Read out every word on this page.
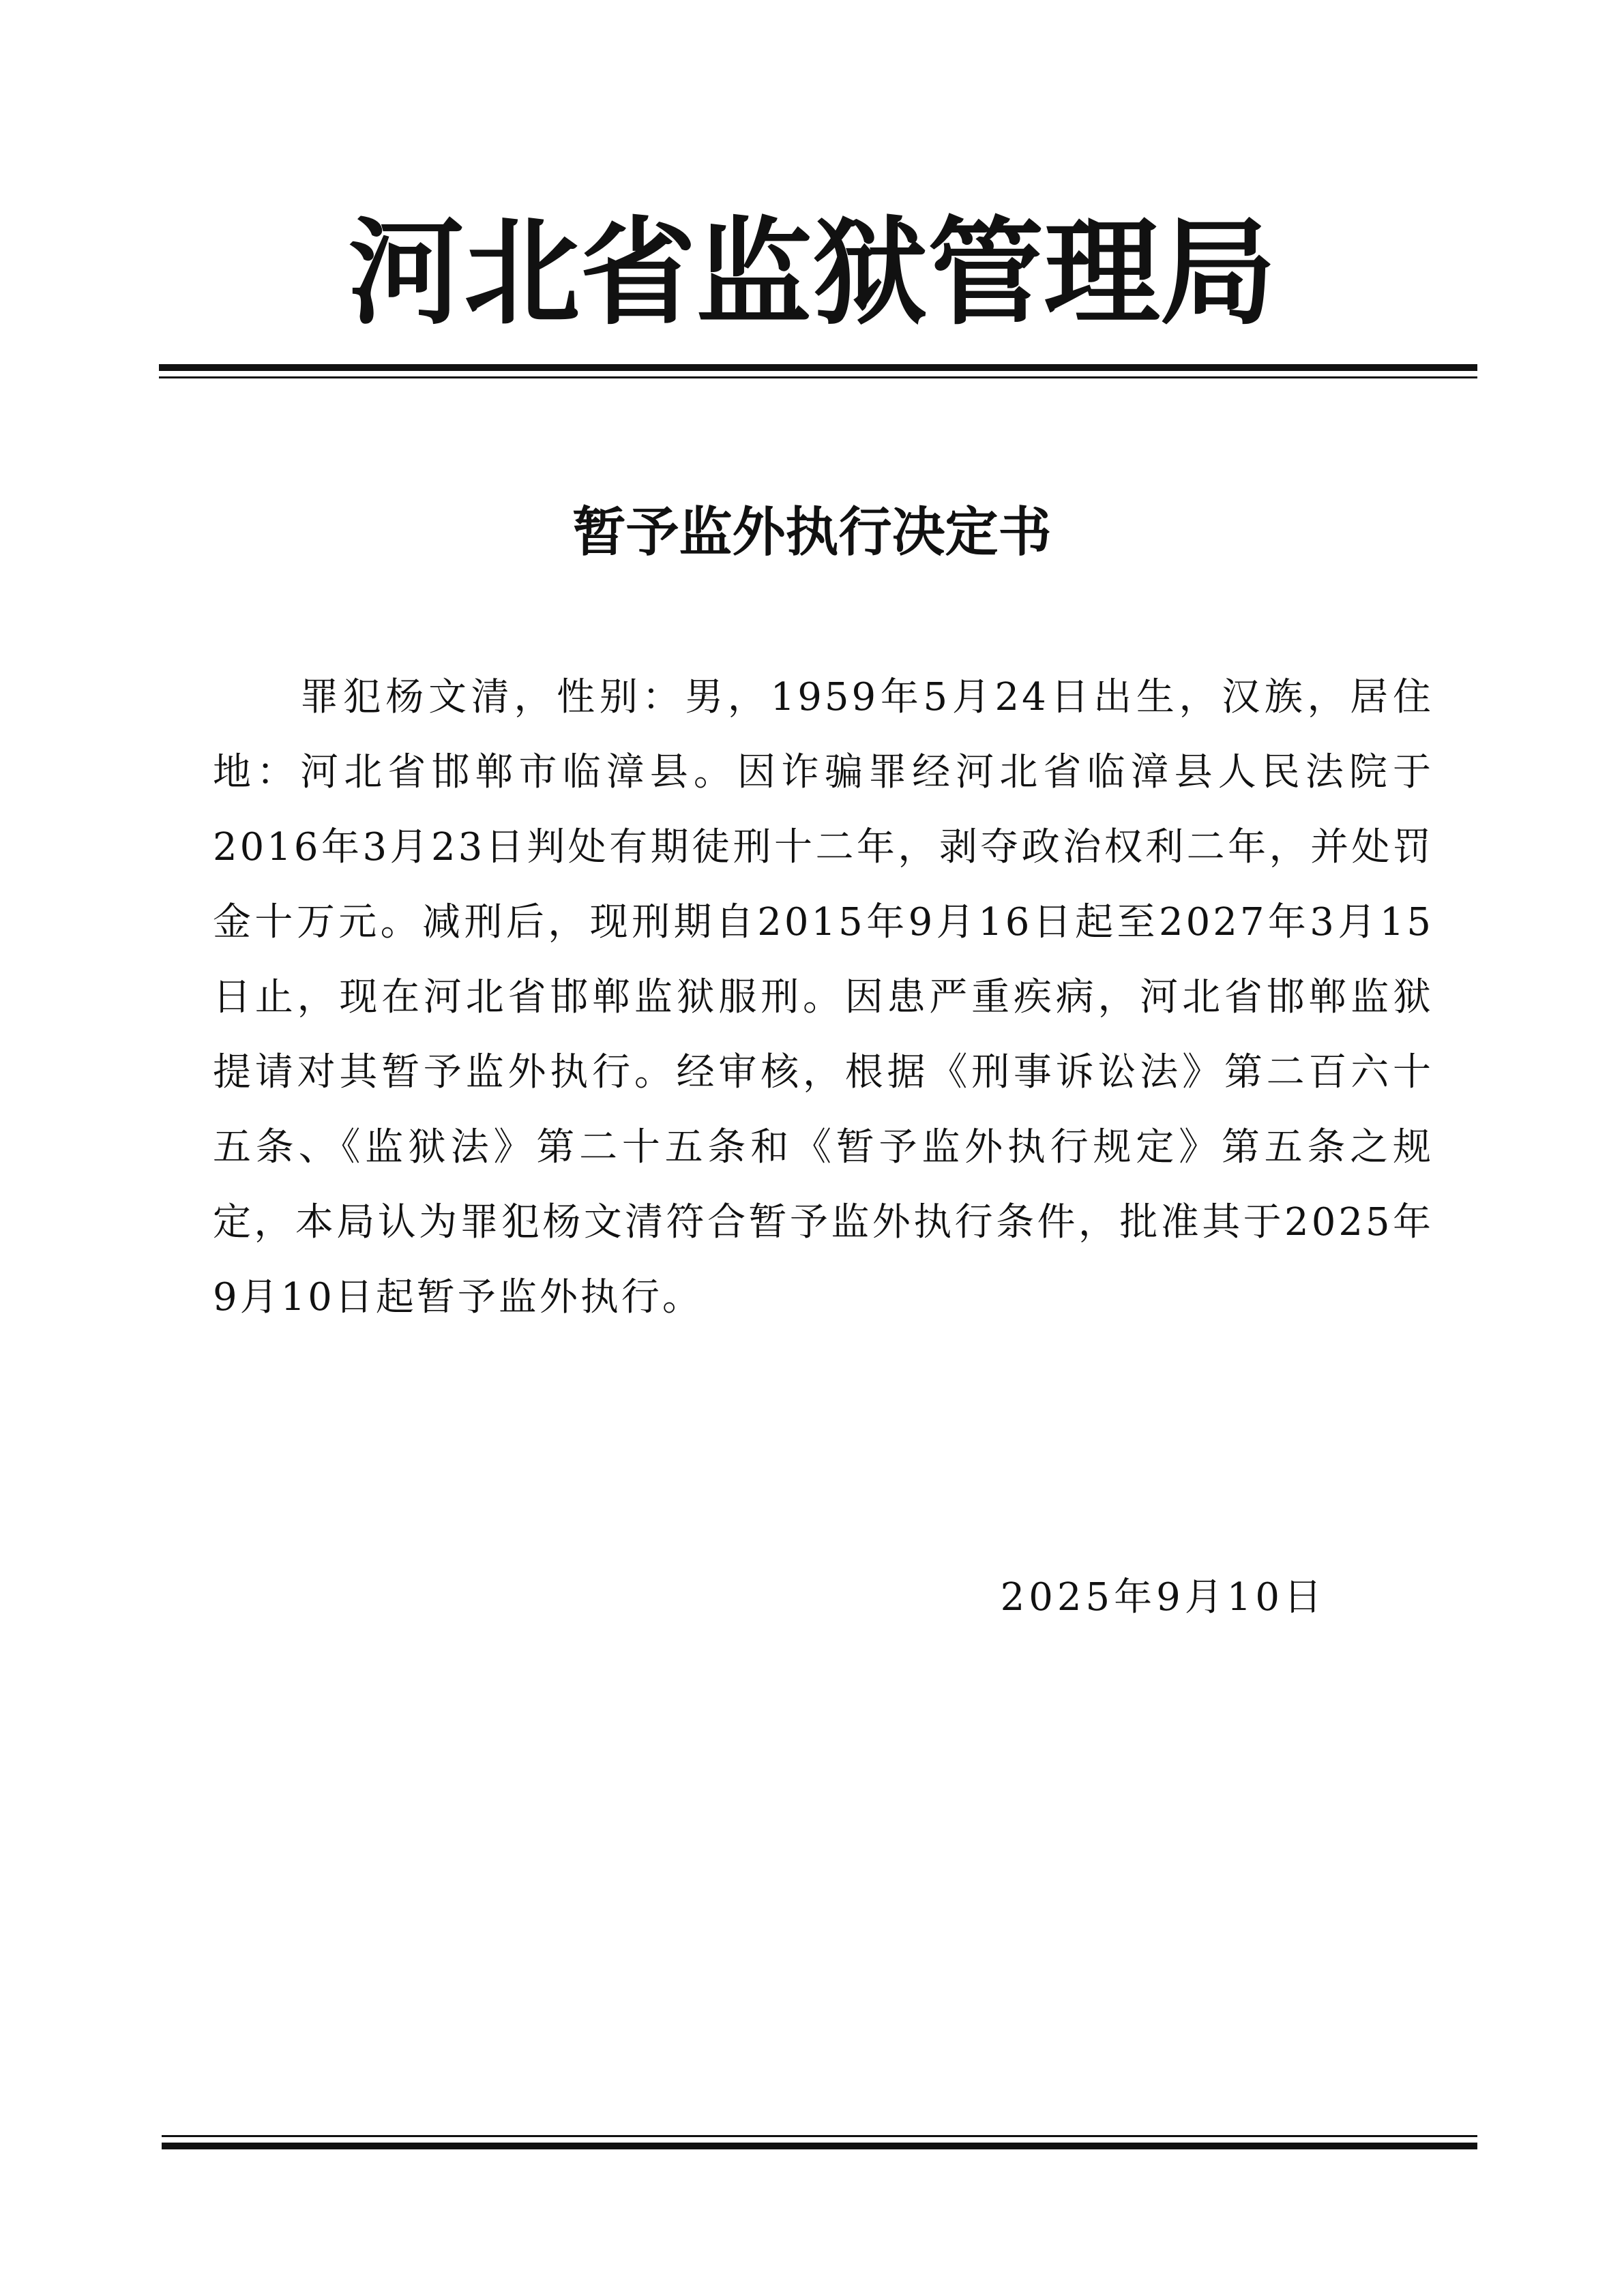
河北省监狱管理局
暂予监外执行决定书

罪犯杨文清，性别：男，1959年5月24日出生，汉族，居住地：河北省邯郸市临漳县。因诈骗罪经河北省临漳县人民法院于2016年3月23日判处有期徒刑十二年，剥夺政治权利二年，并处罚金十万元。减刑后，现刑期自2015年9月16日起至2027年3月15日止，现在河北省邯郸监狱服刑。因患严重疾病，河北省邯郸监狱提请对其暂予监外执行。经审核，根据《刑事诉讼法》第二百六十五条、《监狱法》第二十五条和《暂予监外执行规定》第五条之规定，本局认为罪犯杨文清符合暂予监外执行条件，批准其于2025年9月10日起暂予监外执行。

2025年9月10日
